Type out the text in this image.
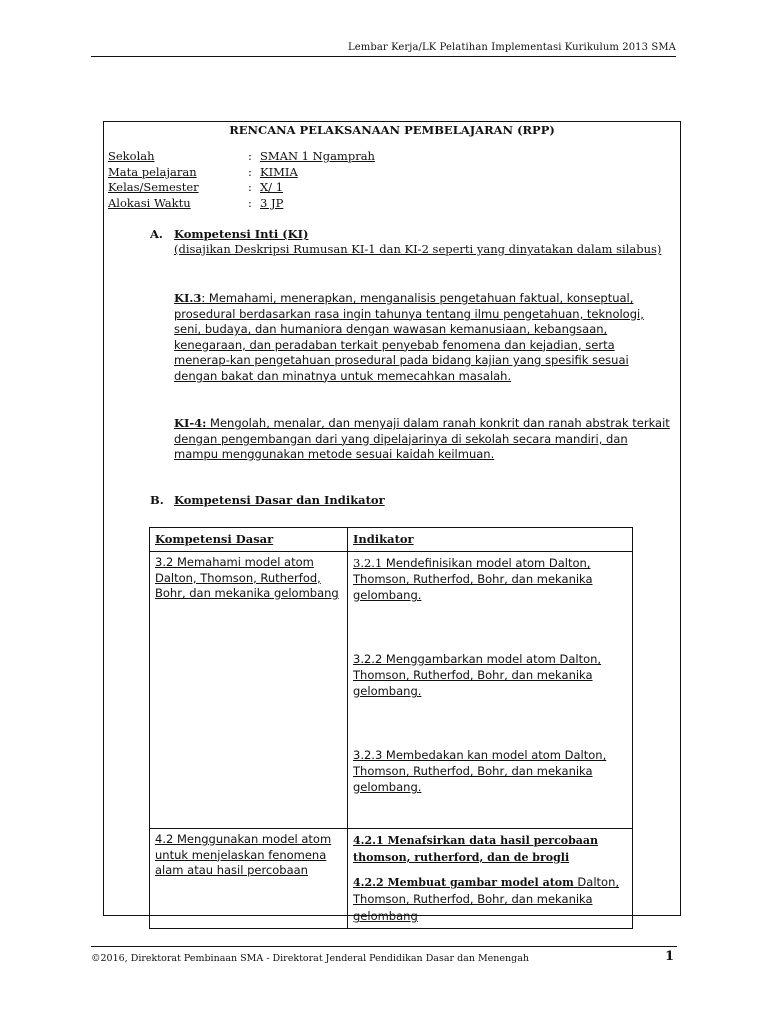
Lembar Kerja/LK Pelatihan Implementasi Kurikulum 2013 SMA
RENCANA PELAKSANAAN PEMBELAJARAN (RPP)
Sekolah	: SMAN 1 Ngamprah
Mata pelajaran	: KIMIA
Kelas/Semester	: X/ 1
Alokasi Waktu	: 3 JP
A. Kompetensi Inti (KI)
(disajikan Deskripsi Rumusan KI-1 dan KI-2 seperti yang dinyatakan dalam silabus)
KI.3: Memahami, menerapkan, menganalisis pengetahuan faktual, konseptual, prosedural berdasarkan rasa ingin tahunya tentang ilmu pengetahuan, teknologi, seni, budaya, dan humaniora dengan wawasan kemanusiaan, kebangsaan, kenegaraan, dan peradaban terkait penyebab fenomena dan kejadian, serta menerap-kan pengetahuan prosedural pada bidang kajian yang spesifik sesuai dengan bakat dan minatnya untuk memecahkan masalah.
KI-4: Mengolah, menalar, dan menyaji dalam ranah konkrit dan ranah abstrak terkait dengan pengembangan dari yang dipelajarinya di sekolah secara mandiri, dan mampu menggunakan metode sesuai kaidah keilmuan.
B. Kompetensi Dasar dan Indikator
Kompetensi Dasar	Indikator

3.2 Memahami model atom Dalton, Thomson, Rutherfod, Bohr, dan mekanika gelombang	3.2.1 Mendefinisikan model atom Dalton, Thomson, Rutherfod, Bohr, dan mekanika gelombang.

3.2.2 Menggambarkan model atom Dalton, Thomson, Rutherfod, Bohr, dan mekanika gelombang.

3.2.3 Membedakan kan model atom Dalton, Thomson, Rutherfod, Bohr, dan mekanika gelombang.

4.2 Menggunakan model atom untuk menjelaskan fenomena alam atau hasil percobaan	4.2.1 Menafsirkan data hasil percobaan thomson, rutherford, dan de brogli

4.2.2 Membuat gambar model atom Dalton, Thomson, Rutherfod, Bohr, dan mekanika gelombang

©2016, Direktorat Pembinaan SMA - Direktorat Jenderal Pendidikan Dasar dan Menengah	1
